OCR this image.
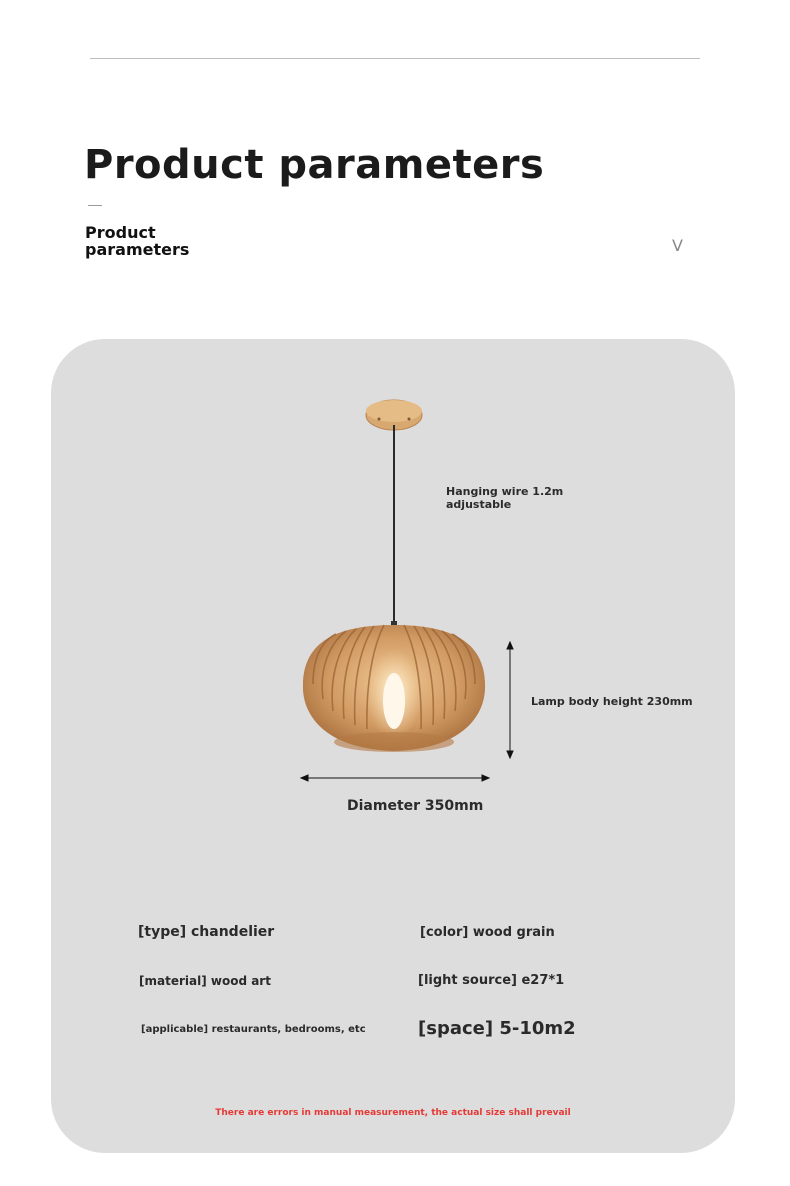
Product parameters
Product parameters	V
Hanging wire 1.2m adjustable
Lamp body height 230mm
Diameter 350mm
[type] chandelier	[color] wood grain
[material] wood art	[light source] e27*1
[applicable] restaurants, bedrooms, etc	[space] 5-10m2
There are errors in manual measurement, the actual size shall prevail
